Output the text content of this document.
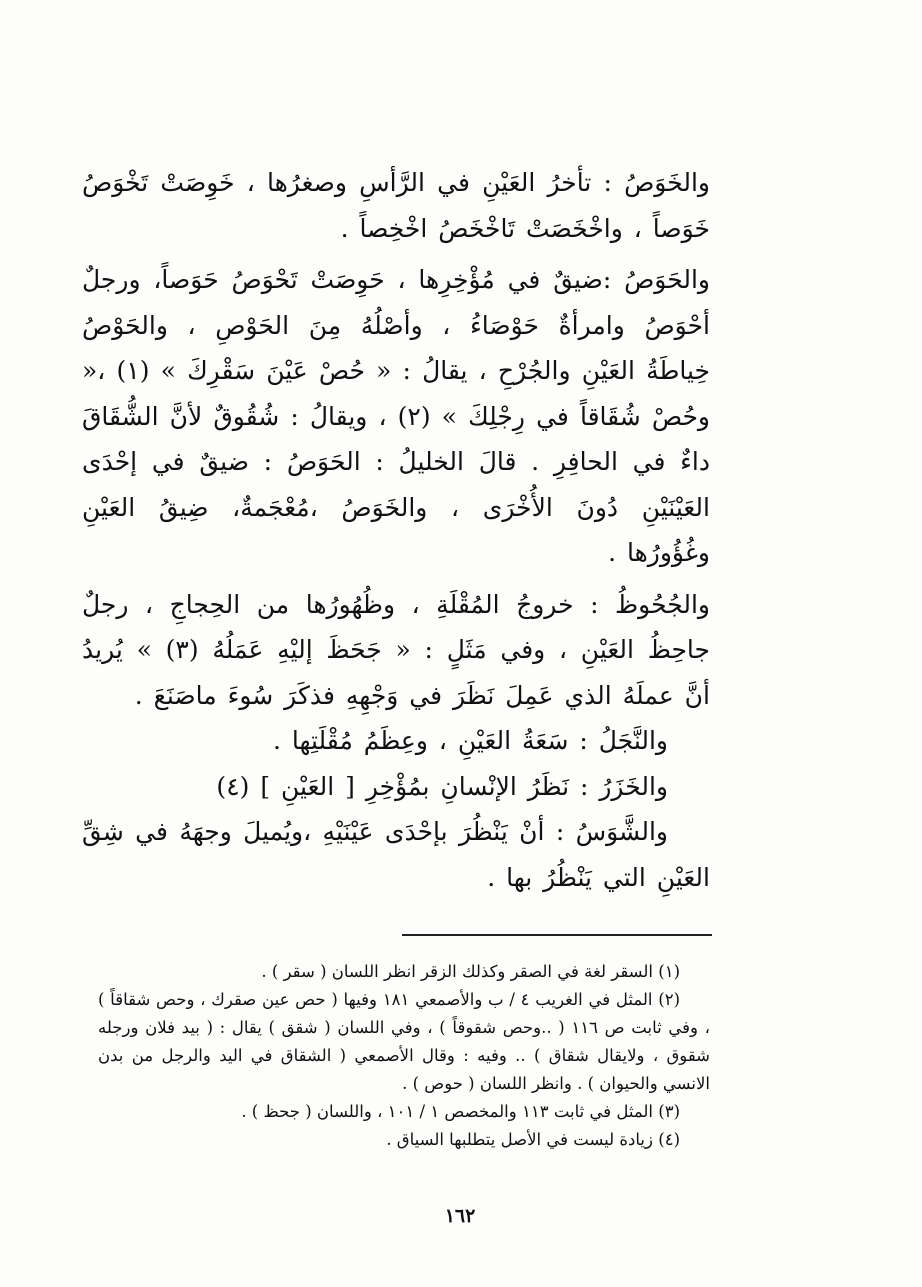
والخَوَصُ : تأخرُ العَيْنِ في الرَّأسِ وصغرُها ، خَوِصَتْ تَخْوَصُ خَوَصاً ، واخْخَصَتْ تَاخْخَصُ اخْخِصاً .

والحَوَصُ :ضيقٌ في مُؤْخِرِها ، حَوِصَتْ تَحْوَصُ حَوَصاً، ورجلٌ أحْوَصُ وامرأةٌ حَوْصَاءُ ، وأصْلُهُ مِنَ الحَوْصِ ، والحَوْصُ خِياطَةُ العَيْنِ والجُرْحِ ، يقالُ : « حُصْ عَيْنَ سَقْرِكَ » (١) ،« وحُصْ شُقَاقاً في رِجْلِكَ » (٢) ، ويقالُ : شُقُوقٌ لأنَّ الشُّقَاقَ داءٌ في الحافِرِ . قالَ الخليلُ : الحَوَصُ : ضيقٌ في إحْدَى العَيْنَيْنِ دُونَ الأُخْرَى ، والخَوَصُ ،مُعْجَمةٌ، ضِيقُ العَيْنِ وغُؤُورُها .

والجُحُوظُ : خروجُ المُقْلَةِ ، وظُهُورُها من الحِجاجِ ، رجلٌ جاحِظُ العَيْنِ ، وفي مَثَلٍ : « جَحَظَ إليْهِ عَمَلُهُ (٣) » يُريدُ أنَّ عملَهُ الذي عَمِلَ نَظَرَ في وَجْهِهِ فذكَرَ سُوءَ ماصَنَعَ .

والنَّجَلُ : سَعَةُ العَيْنِ ، وعِظَمُ مُقْلَتِها .

والخَزَرُ : نَظَرُ الإنْسانِ بمُؤْخِرِ [ العَيْنِ ] (٤)

والشَّوَسُ : أنْ يَنْظُرَ بإحْدَى عَيْنَيْهِ ،ويُميلَ وجهَهُ في شِقِّ العَيْنِ التي يَنْظُرُ بها .

(١) السقر لغة في الصقر وكذلك الزقر انظر اللسان ( سقر ) .

(٢) المثل في الغريب ٤ / ب والأصمعي ١٨١ وفيها ( حص عين صقرك ، وحص شقاقاً ) ، وفي ثابت ص ١١٦ ( ..وحص شقوقاً ) ، وفي اللسان ( شقق ) يقال : ( بيد فلان ورجله شقوق ، ولايقال شقاق ) .. وفيه : وقال الأصمعي ( الشقاق في اليد والرجل من بدن الانسي والحيوان ) . وانظر اللسان ( حوص ) .

(٣) المثل في ثابت ١١٣ والمخصص ١ / ١٠١ ، واللسان ( جحظ ) .

(٤) زيادة ليست في الأصل يتطلبها السياق .

١٦٢
